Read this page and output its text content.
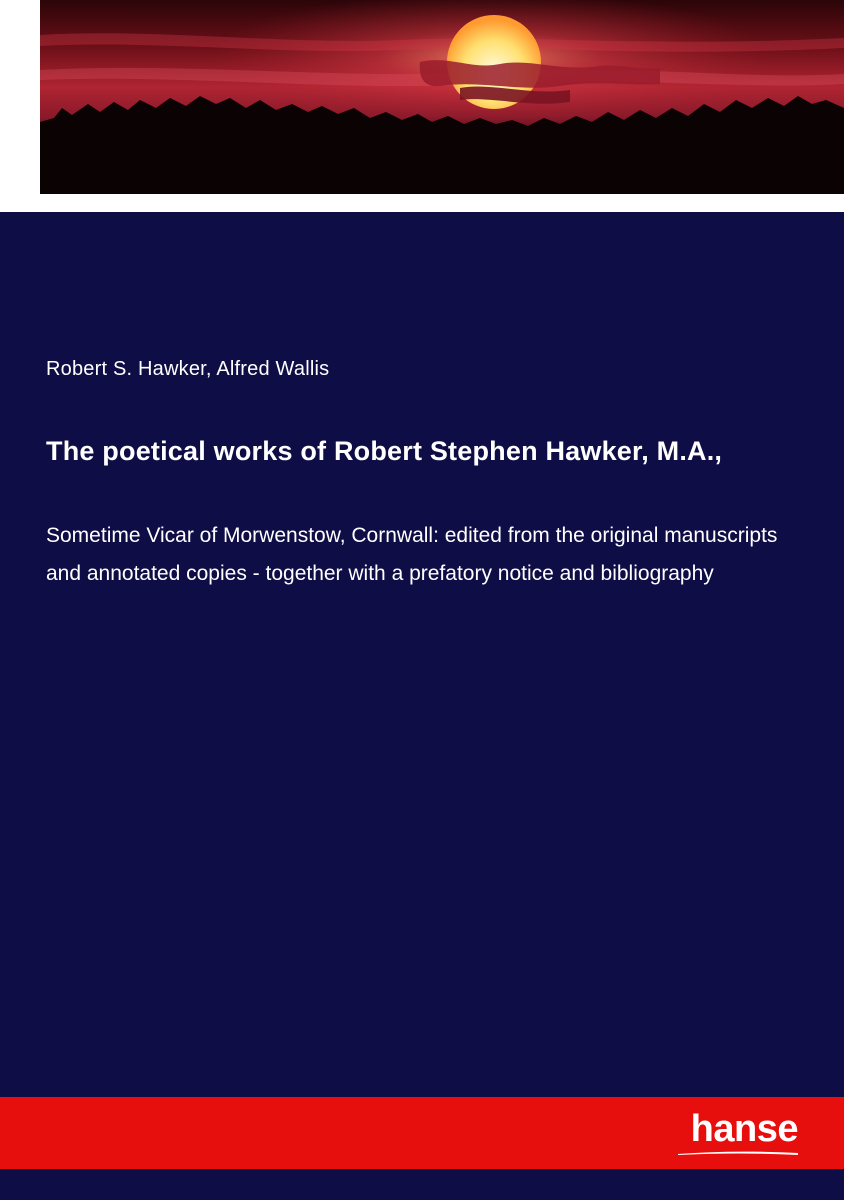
Robert S. Hawker, Alfred Wallis
The poetical works of Robert Stephen Hawker, M.A.,

Sometime Vicar of Morwenstow, Cornwall: edited from the original manuscripts and annotated copies - together with a prefatory notice and bibliography

hanse
